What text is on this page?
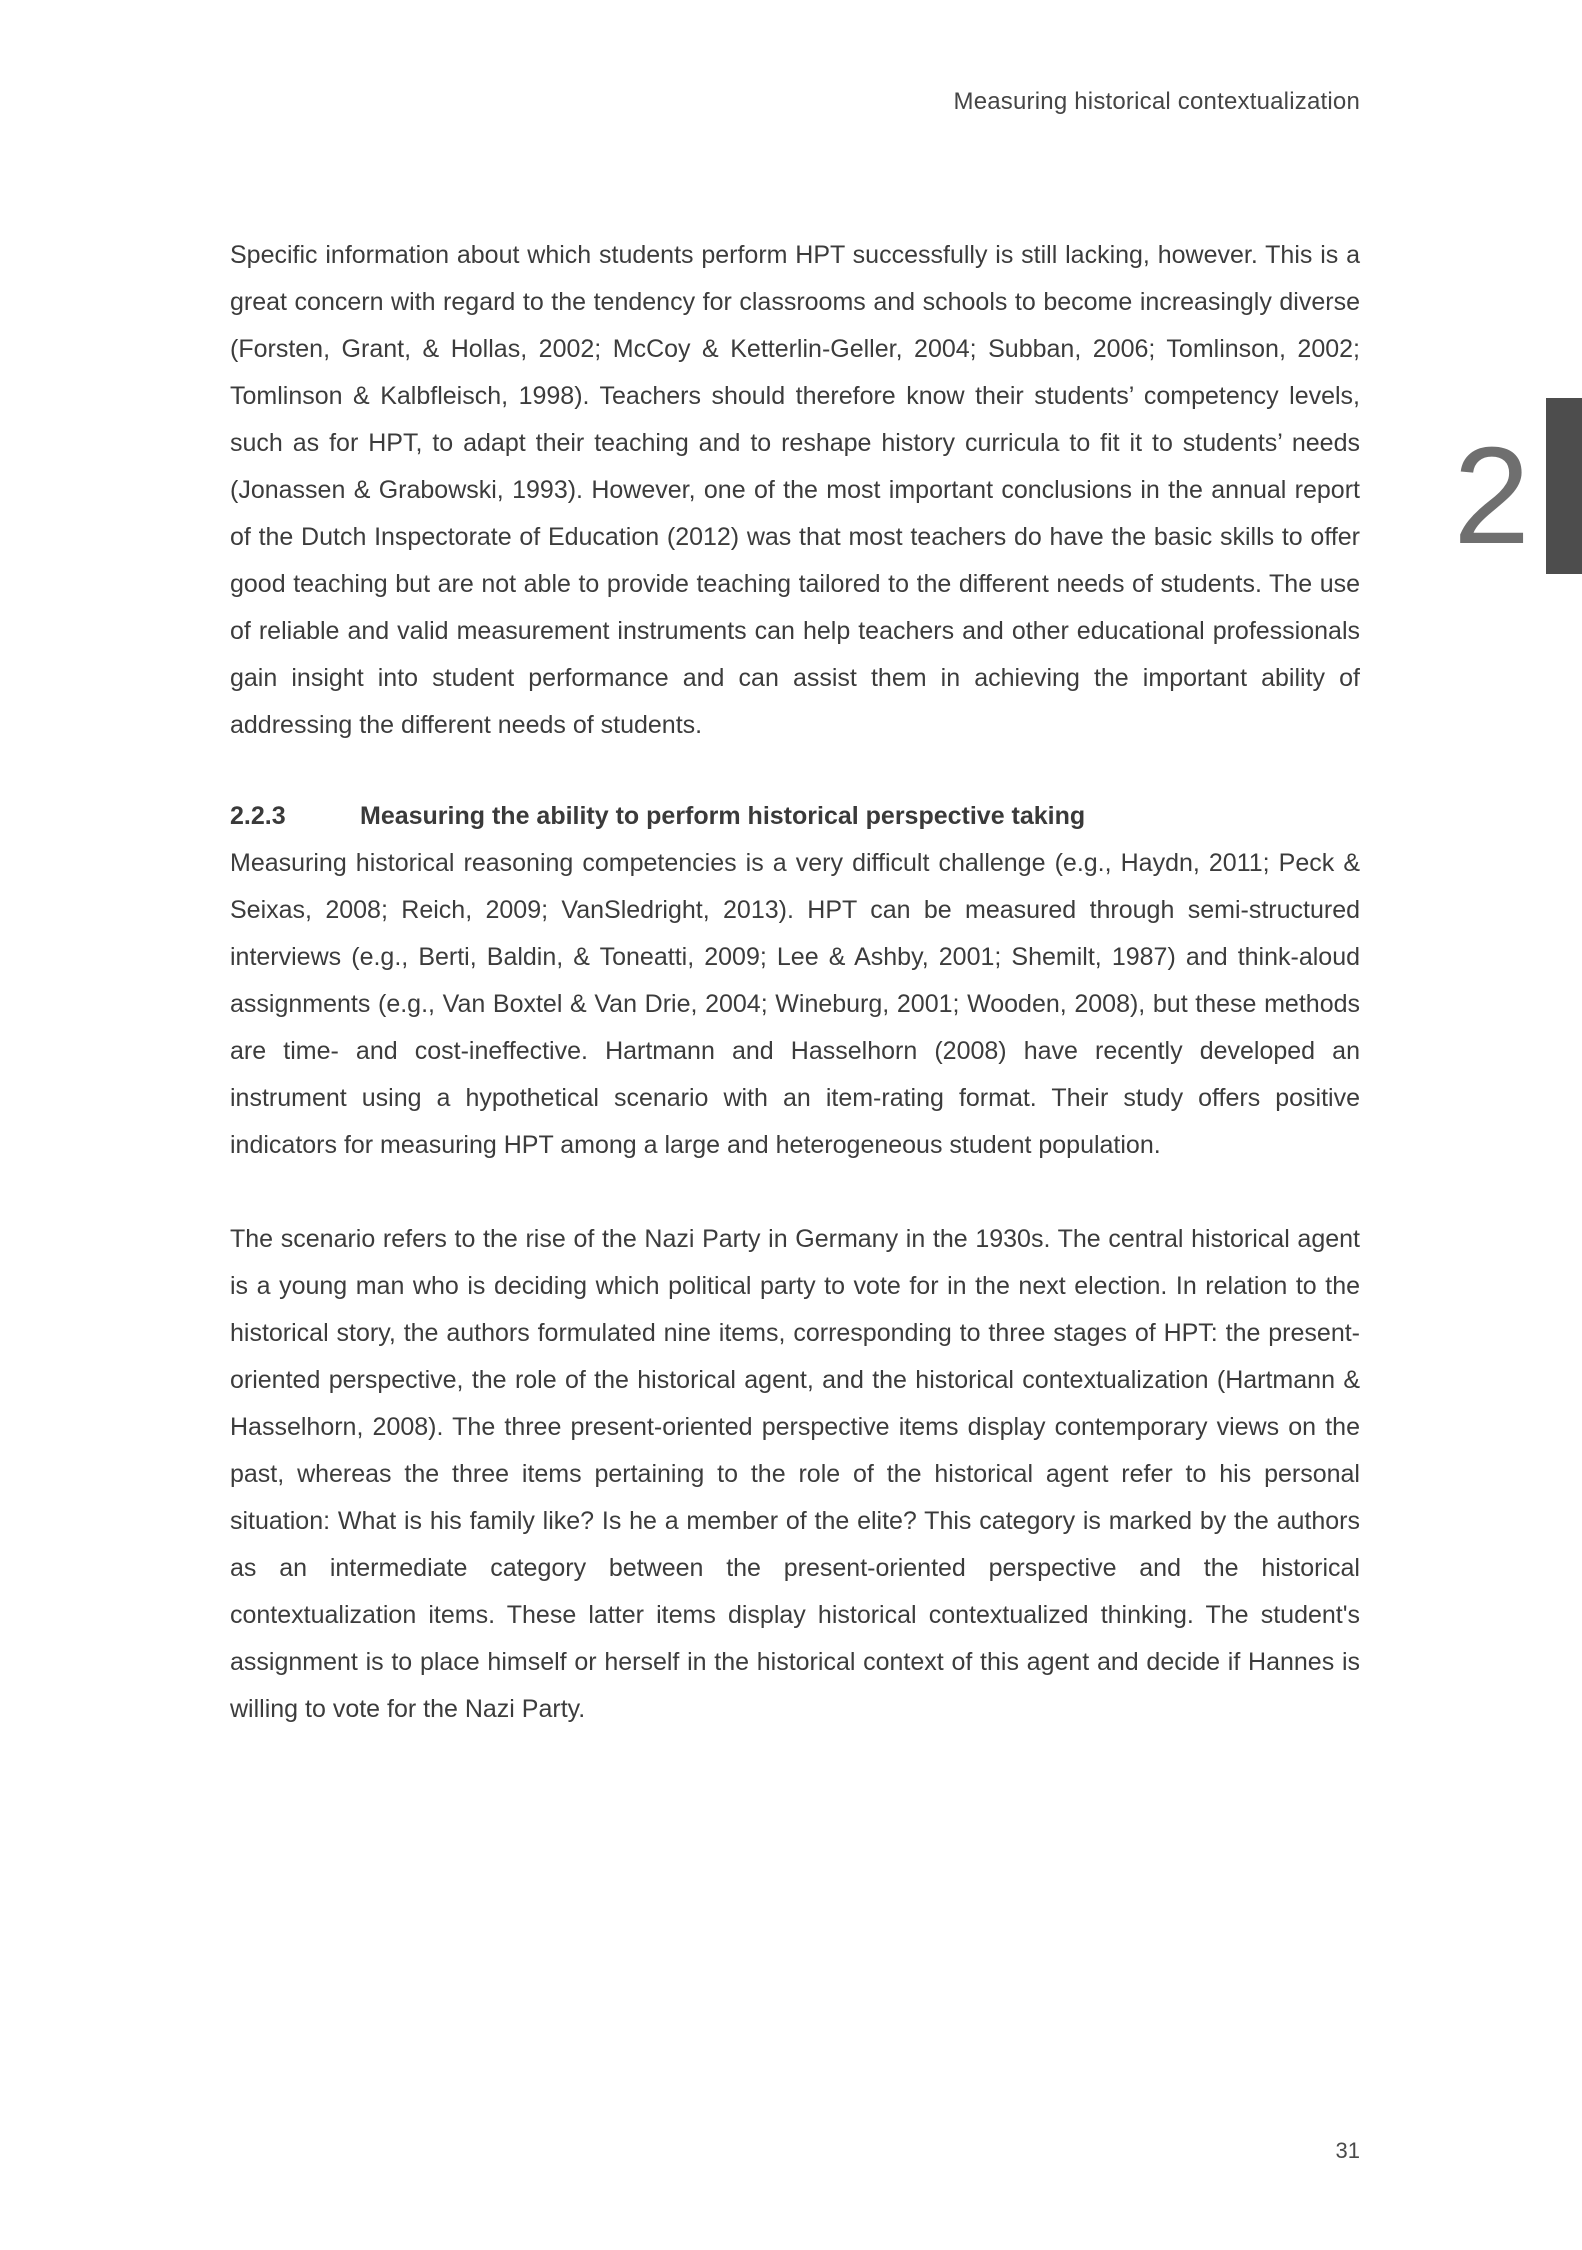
Measuring historical contextualization
2

Specific information about which students perform HPT successfully is still lacking, however. This is a great concern with regard to the tendency for classrooms and schools to become increasingly diverse (Forsten, Grant, & Hollas, 2002; McCoy & Ketterlin-Geller, 2004; Subban, 2006; Tomlinson, 2002; Tomlinson & Kalbfleisch, 1998). Teachers should therefore know their students’ competency levels, such as for HPT, to adapt their teaching and to reshape history curricula to fit it to students’ needs (Jonassen & Grabowski, 1993). However, one of the most important conclusions in the annual report of the Dutch Inspectorate of Education (2012) was that most teachers do have the basic skills to offer good teaching but are not able to provide teaching tailored to the different needs of students. The use of reliable and valid measurement instruments can help teachers and other educational professionals gain insight into student performance and can assist them in achieving the important ability of addressing the different needs of students.

2.2.3	Measuring the ability to perform historical perspective taking

Measuring historical reasoning competencies is a very difficult challenge (e.g., Haydn, 2011; Peck & Seixas, 2008; Reich, 2009; VanSledright, 2013). HPT can be measured through semi-structured interviews (e.g., Berti, Baldin, & Toneatti, 2009; Lee & Ashby, 2001; Shemilt, 1987) and think-aloud assignments (e.g., Van Boxtel & Van Drie, 2004; Wineburg, 2001; Wooden, 2008), but these methods are time- and cost-ineffective. Hartmann and Hasselhorn (2008) have recently developed an instrument using a hypothetical scenario with an item-rating format. Their study offers positive indicators for measuring HPT among a large and heterogeneous student population.

The scenario refers to the rise of the Nazi Party in Germany in the 1930s. The central historical agent is a young man who is deciding which political party to vote for in the next election. In relation to the historical story, the authors formulated nine items, corresponding to three stages of HPT: the present-oriented perspective, the role of the historical agent, and the historical contextualization (Hartmann & Hasselhorn, 2008). The three present-oriented perspective items display contemporary views on the past, whereas the three items pertaining to the role of the historical agent refer to his personal situation: What is his family like? Is he a member of the elite? This category is marked by the authors as an intermediate category between the present-oriented perspective and the historical contextualization items. These latter items display historical contextualized thinking. The student's assignment is to place himself or herself in the historical context of this agent and decide if Hannes is willing to vote for the Nazi Party.

31
